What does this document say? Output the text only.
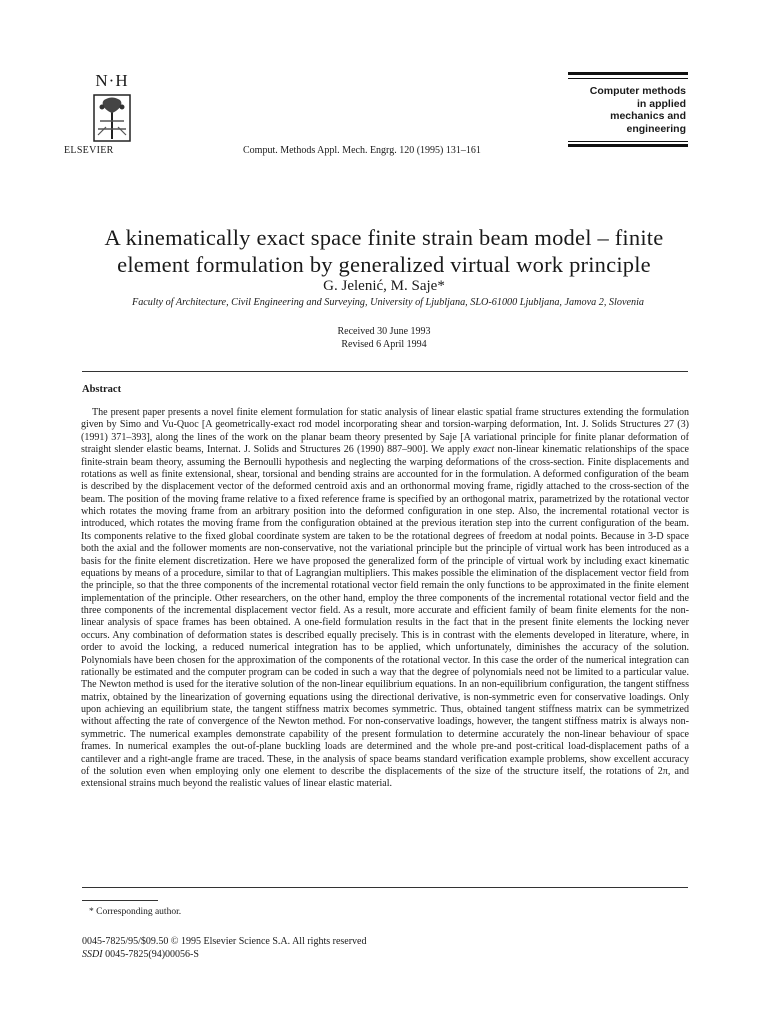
N·H
ELSEVIER	Comput. Methods Appl. Mech. Engrg. 120 (1995) 131–161
Computer methods
in applied
mechanics and
engineering
A kinematically exact space finite strain beam model – finite element formulation by generalized virtual work principle
G. Jelenić, M. Saje*
Faculty of Architecture, Civil Engineering and Surveying, University of Ljubljana, SLO-61000 Ljubljana, Jamova 2, Slovenia
Received 30 June 1993
Revised 6 April 1994
Abstract
The present paper presents a novel finite element formulation for static analysis of linear elastic spatial frame structures extending the formulation given by Simo and Vu-Quoc [A geometrically-exact rod model incorporating shear and torsion-warping deformation, Int. J. Solids Structures 27 (3) (1991) 371–393], along the lines of the work on the planar beam theory presented by Saje [A variational principle for finite planar deformation of straight slender elastic beams, Internat. J. Solids and Structures 26 (1990) 887–900]. We apply exact non-linear kinematic relationships of the space finite-strain beam theory, assuming the Bernoulli hypothesis and neglecting the warping deformations of the cross-section. Finite displacements and rotations as well as finite extensional, shear, torsional and bending strains are accounted for in the formulation. A deformed configuration of the beam is described by the displacement vector of the deformed centroid axis and an orthonormal moving frame, rigidly attached to the cross-section of the beam. The position of the moving frame relative to a fixed reference frame is specified by an orthogonal matrix, parametrized by the rotational vector which rotates the moving frame from an arbitrary position into the deformed configuration in one step. Also, the incremental rotational vector is introduced, which rotates the moving frame from the configuration obtained at the previous iteration step into the current configuration of the beam. Its components relative to the fixed global coordinate system are taken to be the rotational degrees of freedom at nodal points. Because in 3-D space both the axial and the follower moments are non-conservative, not the variational principle but the principle of virtual work has been introduced as a basis for the finite element discretization. Here we have proposed the generalized form of the principle of virtual work by including exact kinematic equations by means of a procedure, similar to that of Lagrangian multipliers. This makes possible the elimination of the displacement vector field from the principle, so that the three components of the incremental rotational vector field remain the only functions to be approximated in the finite element implementation of the principle. Other researchers, on the other hand, employ the three components of the incremental rotational vector field and the three components of the incremental displacement vector field. As a result, more accurate and efficient family of beam finite elements for the non-linear analysis of space frames has been obtained. A one-field formulation results in the fact that in the present finite elements the locking never occurs. Any combination of deformation states is described equally precisely. This is in contrast with the elements developed in literature, where, in order to avoid the locking, a reduced numerical integration has to be applied, which unfortunately, diminishes the accuracy of the solution. Polynomials have been chosen for the approximation of the components of the rotational vector. In this case the order of the numerical integration can rationally be estimated and the computer program can be coded in such a way that the degree of polynomials need not be limited to a particular value. The Newton method is used for the iterative solution of the non-linear equilibrium equations. In an non-equilibrium configuration, the tangent stiffness matrix, obtained by the linearization of governing equations using the directional derivative, is non-symmetric even for conservative loadings. Only upon achieving an equilibrium state, the tangent stiffness matrix becomes symmetric. Thus, obtained tangent stiffness matrix can be symmetrized without affecting the rate of convergence of the Newton method. For non-conservative loadings, however, the tangent stiffness matrix is always non-symmetric. The numerical examples demonstrate capability of the present formulation to determine accurately the non-linear behaviour of space frames. In numerical examples the out-of-plane buckling loads are determined and the whole pre-and post-critical load-displacement paths of a cantilever and a right-angle frame are traced. These, in the analysis of space beams standard verification example problems, show excellent accuracy of the solution even when employing only one element to describe the displacements of the size of the structure itself, the rotations of 2π, and extensional strains much beyond the realistic values of linear elastic material.
* Corresponding author.
0045-7825/95/$09.50 © 1995 Elsevier Science S.A. All rights reserved
SSDI 0045-7825(94)00056-S
